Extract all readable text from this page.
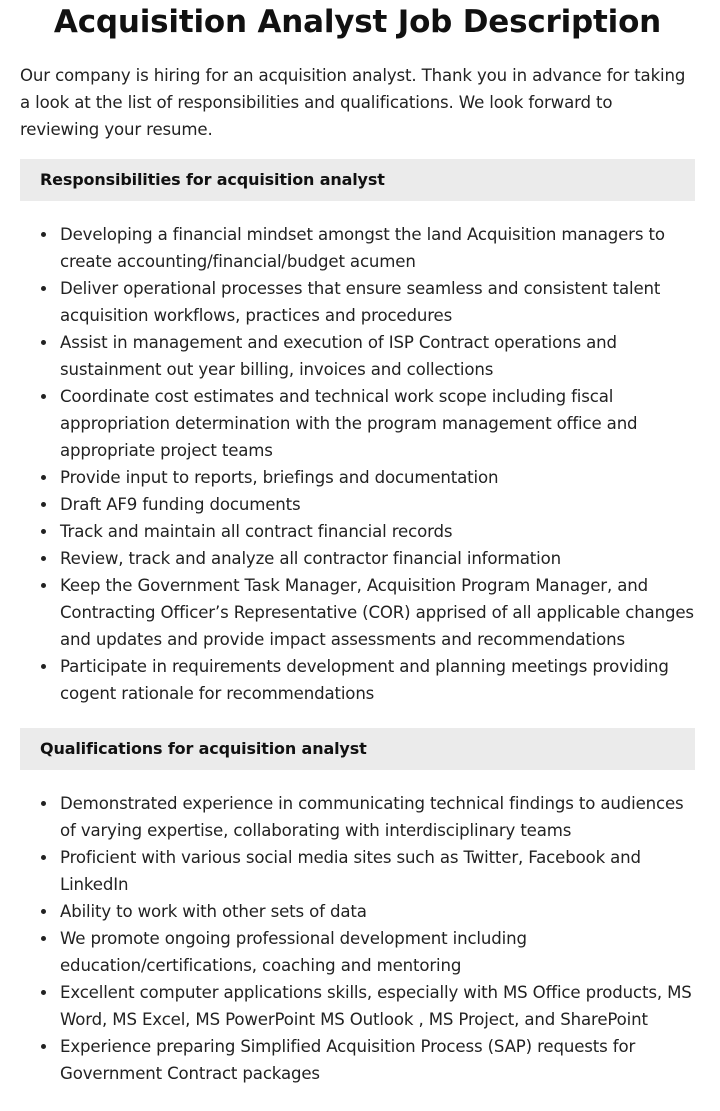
Acquisition Analyst Job Description

Our company is hiring for an acquisition analyst. Thank you in advance for taking a look at the list of responsibilities and qualifications. We look forward to reviewing your resume.

Responsibilities for acquisition analyst
Developing a financial mindset amongst the land Acquisition managers to create accounting/financial/budget acumen
Deliver operational processes that ensure seamless and consistent talent acquisition workflows, practices and procedures
Assist in management and execution of ISP Contract operations and sustainment out year billing, invoices and collections
Coordinate cost estimates and technical work scope including fiscal appropriation determination with the program management office and appropriate project teams
Provide input to reports, briefings and documentation
Draft AF9 funding documents
Track and maintain all contract financial records
Review, track and analyze all contractor financial information
Keep the Government Task Manager, Acquisition Program Manager, and Contracting Officer’s Representative (COR) apprised of all applicable changes and updates and provide impact assessments and recommendations
Participate in requirements development and planning meetings providing cogent rationale for recommendations
Qualifications for acquisition analyst
Demonstrated experience in communicating technical findings to audiences of varying expertise, collaborating with interdisciplinary teams
Proficient with various social media sites such as Twitter, Facebook and LinkedIn
Ability to work with other sets of data
We promote ongoing professional development including education/certifications, coaching and mentoring
Excellent computer applications skills, especially with MS Office products, MS Word, MS Excel, MS PowerPoint MS Outlook , MS Project, and SharePoint
Experience preparing Simplified Acquisition Process (SAP) requests for Government Contract packages
